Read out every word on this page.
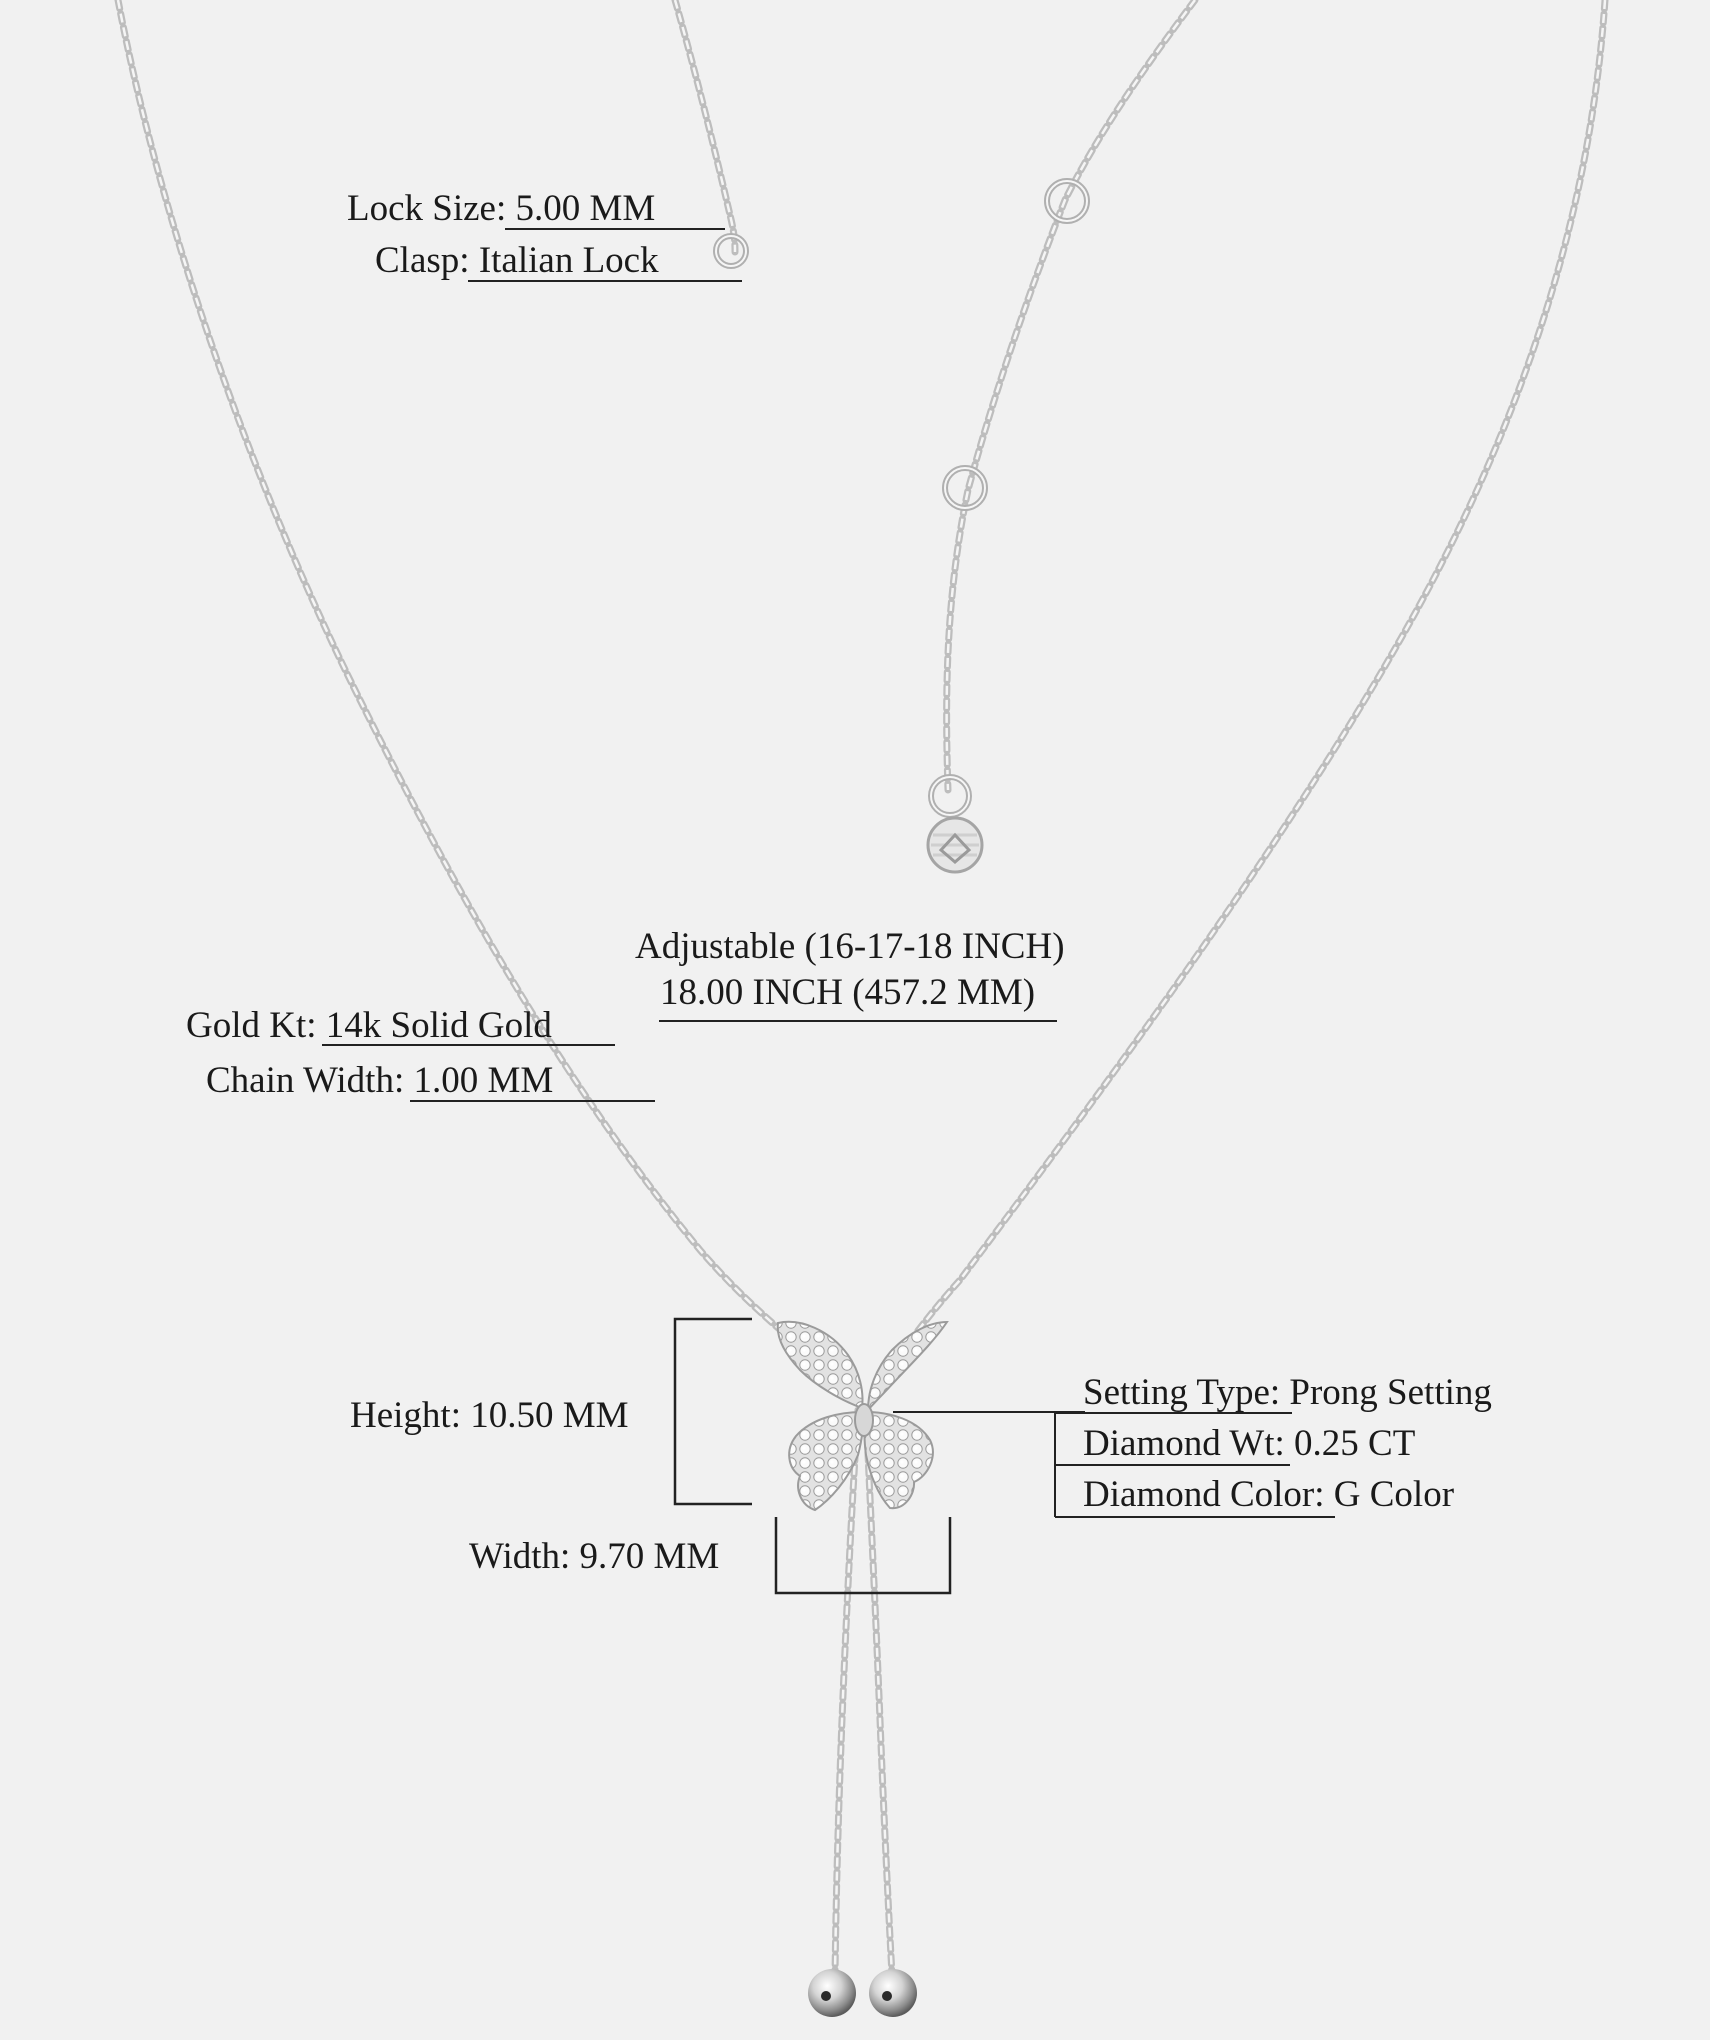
Lock Size: 5.00 MM
Clasp: Italian Lock
Adjustable (16-17-18 INCH)
18.00 INCH (457.2 MM)
Gold Kt: 14k Solid Gold
Chain Width: 1.00 MM
Height: 10.50 MM
Width: 9.70 MM
Setting Type: Prong Setting
Diamond Wt: 0.25 CT
Diamond Color: G Color
